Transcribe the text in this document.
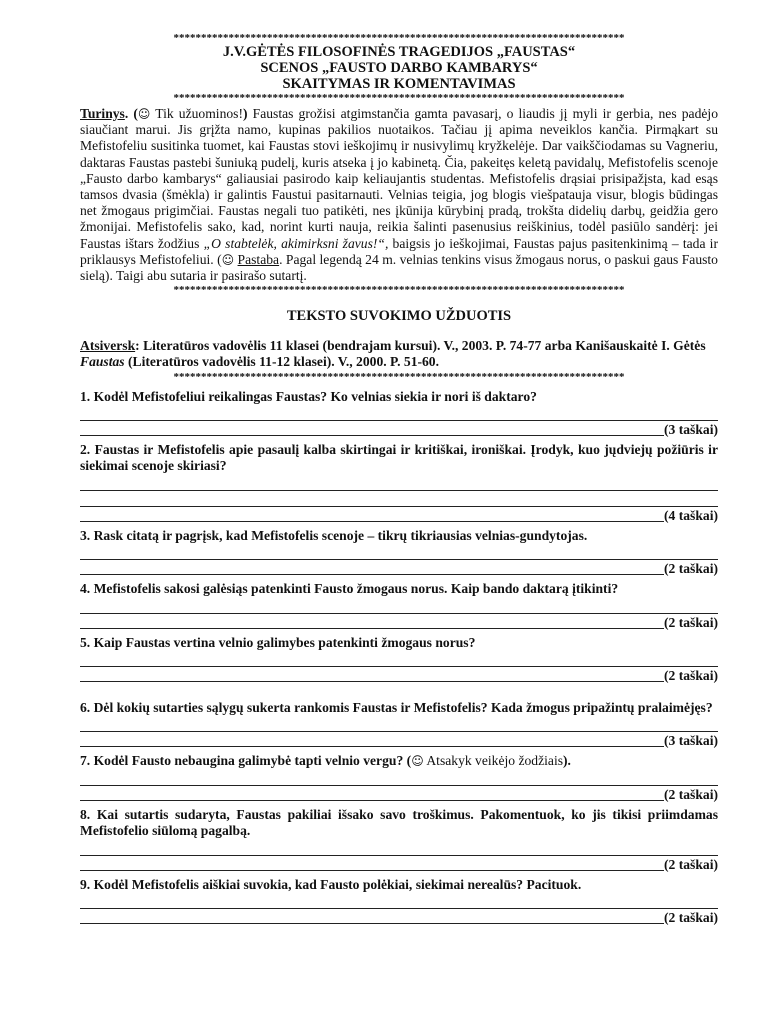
**********************************************************************************
J.V.GĖTĖS FILOSOFINĖS TRAGEDIJOS „FAUSTAS“
SCENOS „FAUSTO DARBO KAMBARYS“
SKAITYMAS IR KOMENTAVIMAS
**********************************************************************************
Turinys. (☺ Tik užuominos!) Faustas grožisi atgimstančia gamta pavasarį, o liaudis jį myli ir gerbia, nes padėjo siaučiant marui. Jis grįžta namo, kupinas pakilios nuotaikos. Tačiau jį apima neveiklos kančia. Pirmąkart su Mefistofeliu susitinka tuomet, kai Faustas stovi ieškojimų ir nusivylimų kryžkelėje. Dar vaikščiodamas su Vagneriu, daktaras Faustas pastebi šuniuką pudelį, kuris atseka į jo kabinetą. Čia, pakeitęs keletą pavidalų, Mefistofelis scenoje „Fausto darbo kambarys“ galiausiai pasirodo kaip keliaujantis studentas. Mefistofelis drąsiai prisipažįsta, kad esąs tamsos dvasia (šmėkla) ir galintis Faustui pasitarnauti. Velnias teigia, jog blogis viešpatauja visur, blogis būdingas net žmogaus prigimčiai. Faustas negali tuo patikėti, nes įkūnija kūrybinį pradą, trokšta didelių darbų, geidžia gero žmonijai. Mefistofelis sako, kad, norint kurti nauja, reikia šalinti pasenusius reiškinius, todėl pasiūlo sandėrį: jei Faustas ištars žodžius „O stabtelėk, akimirksni žavus!“, baigsis jo ieškojimai, Faustas pajus pasitenkinimą – tada ir priklausys Mefistofeliui. (☺ Pastaba. Pagal legendą 24 m. velnias tenkins visus žmogaus norus, o paskui gaus Fausto sielą). Taigi abu sutaria ir pasirašo sutartį.
**********************************************************************************
TEKSTO SUVOKIMO UŽDUOTIS
Atsiversk: Literatūros vadovėlis 11 klasei (bendrajam kursui). V., 2003. P. 74-77 arba Kanišauskaitė I. Gėtės Faustas (Literatūros vadovėlis 11-12 klasei). V., 2000. P. 51-60.
**********************************************************************************
1. Kodėl Mefistofeliui reikalingas Faustas? Ko velnias siekia ir nori iš daktaro?
(3 taškai)
2. Faustas ir Mefistofelis apie pasaulį kalba skirtingai ir kritiškai, ironiškai. Įrodyk, kuo jųdviejų požiūris ir siekimai scenoje skiriasi?
(4 taškai)
3. Rask citatą ir pagrįsk, kad Mefistofelis scenoje – tikrų tikriausias velnias-gundytojas.
(2 taškai)
4. Mefistofelis sakosi galėsiąs patenkinti Fausto žmogaus norus. Kaip bando daktarą įtikinti?
(2 taškai)
5. Kaip Faustas vertina velnio galimybes patenkinti žmogaus norus?
(2 taškai)
6. Dėl kokių sutarties sąlygų sukerta rankomis Faustas ir Mefistofelis? Kada žmogus pripažintų pralaimėjęs?
(3 taškai)
7. Kodėl Fausto nebaugina galimybė tapti velnio vergu? (☺ Atsakyk veikėjo žodžiais).
(2 taškai)
8. Kai sutartis sudaryta, Faustas pakiliai išsako savo troškimus. Pakomentuok, ko jis tikisi priimdamas Mefistofelio siūlomą pagalbą.
(2 taškai)
9. Kodėl Mefistofelis aiškiai suvokia, kad Fausto polėkiai, siekimai nerealūs? Pacituok.
(2 taškai)
